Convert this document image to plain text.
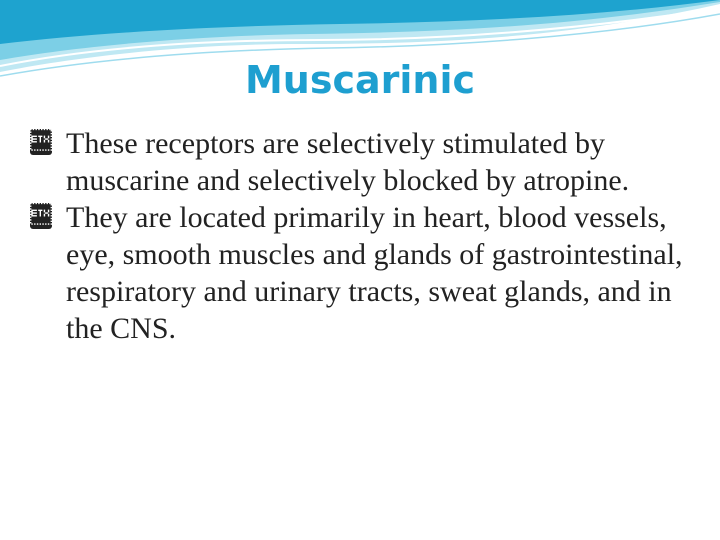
Muscarinic
 These receptors are selectively stimulated by muscarine and selectively blocked by atropine.
 They are located primarily in heart, blood vessels, eye, smooth muscles and glands of gastrointestinal, respiratory and urinary tracts, sweat glands, and in the CNS.
